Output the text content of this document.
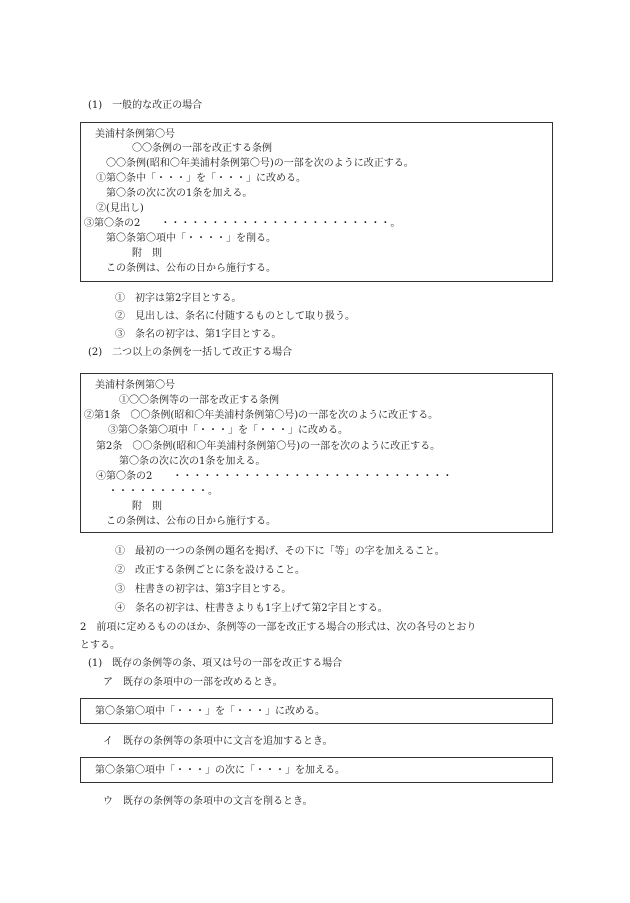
(1)　一般的な改正の場合
美浦村条例第〇号
〇〇条例の一部を改正する条例
〇〇条例(昭和〇年美浦村条例第〇号)の一部を次のように改正する。
①第〇条中「・・・」を「・・・」に改める。
第〇条の次に次の1条を加える。
②(見出し)
③第〇条の2　　・・・・・・・・・・・・・・・・・・・・・・・。
第〇条第〇項中「・・・・」を削る。
附　則
この条例は、公布の日から施行する。
①　初字は第2字目とする。
②　見出しは、条名に付随するものとして取り扱う。
③　条名の初字は、第1字目とする。
(2)　二つ以上の条例を一括して改正する場合
美浦村条例第〇号
①〇〇条例等の一部を改正する条例
②第1条　〇〇条例(昭和〇年美浦村条例第〇号)の一部を次のように改正する。
③第〇条第〇項中「・・・」を「・・・」に改める。
第2条　〇〇条例(昭和〇年美浦村条例第〇号)の一部を次のように改正する。
第〇条の次に次の1条を加える。
④第〇条の2　　・・・・・・・・・・・・・・・・・・・・・・・・・・・・
・・・・・・・・・・。
附　則
この条例は、公布の日から施行する。
①　最初の一つの条例の題名を掲げ、その下に「等」の字を加えること。
②　改正する条例ごとに条を設けること。
③　柱書きの初字は、第3字目とする。
④　条名の初字は、柱書きよりも1字上げて第2字目とする。
2　前項に定めるもののほか、条例等の一部を改正する場合の形式は、次の各号のとおり
とする。
(1)　既存の条例等の条、項又は号の一部を改正する場合
ア　既存の条項中の一部を改めるとき。
第〇条第〇項中「・・・」を「・・・」に改める。
イ　既存の条例等の条項中に文言を追加するとき。
第〇条第〇項中「・・・」の次に「・・・」を加える。
ウ　既存の条例等の条項中の文言を削るとき。
